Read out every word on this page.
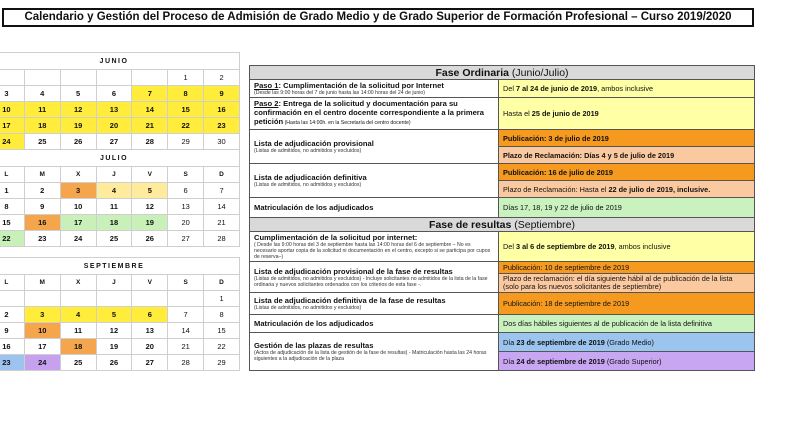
Calendario y Gestión del Proceso de Admisión de Grado Medio y de Grado Superior de Formación Profesional – Curso 2019/2020
JUNIO						
					1	2
3	4	5	6	7	8	9
10	11	12	13	14	15	16
17	18	19	20	21	22	23
24	25	26	27	28	29	30
JULIO						
L	M	X	J	V	S	D
1	2	3	4	5	6	7
8	9	10	11	12	13	14
15	16	17	18	19	20	21
22	23	24	25	26	27	28

SEPTIEMBRE						
L	M	X	J	V	S	D
						1
2	3	4	5	6	7	8
9	10	11	12	13	14	15
16	17	18	19	20	21	22
23	24	25	26	27	28	29
Fase Ordinaria (Junio/Julio)	
Paso 1: Cumplimentación de la solicitud por Internet
(Desde las 9:00 horas del 7 de junio hasta las 14:00 horas del 24 de junio)	Del 7 al 24 de junio de 2019, ambos inclusive
Paso 2: Entrega de la solicitud y documentación para su confirmación en el centro docente correspondiente a la primera petición (Hasta las 14:00h. en la Secretaría del centro docente)	Hasta el 25 de junio de 2019
Lista de adjudicación provisional
(Listas de admitidos, no admitidos y excluidos)	Publicación: 3 de julio de 2019
	Plazo de Reclamación: Días 4 y 5 de julio de 2019
Lista de adjudicación definitiva
(Listas de admitidos, no admitidos y excluidos)	Publicación: 16 de julio de 2019
	Plazo de Reclamación: Hasta el 22 de julio de 2019, inclusive.
Matriculación de los adjudicados	Días 17, 18, 19 y 22 de julio de 2019
Fase de resultas (Septiembre)	
Cumplimentación de la solicitud por internet:
( Desde las 9:00 horas del 3 de septiembre hasta las 14:00 horas del 6 de septiembre – No es necesario aportar copia de la solicitud ni documentación en el centro, excepto si se participa por cupos de reserva–)	Del 3 al 6 de septiembre de 2019, ambos inclusive
Lista de adjudicación provisional de la fase de resultas
(Listas de admitidos, no admitidos y excluidos) - Incluye solicitantes no admitidos de la lista de la fase ordinaria y nuevos solicitantes ordenados con los criterios de esta fase -.	Publicación: 10 de septiembre de 2019
	Plazo de reclamación: el día siguiente hábil al de publicación de la lista (solo para los nuevos solicitantes de septiembre)
Lista de adjudicación definitiva de la fase de resultas
(Listas de admitidos, no admitidos y excluidos)	Publicación: 18 de septiembre de 2019
Matriculación de los adjudicados	Dos días hábiles siguientes al de publicación de la lista definitiva
Gestión de las plazas de resultas
(Actos de adjudicación de la lista de gestión de la fase de resultas) - Matriculación hasta las 24 horas siguientes a la adjudicación de la plaza	Día 23 de septiembre de 2019 (Grado Medio)
	Día 24 de septiembre de 2019 (Grado Superior)
